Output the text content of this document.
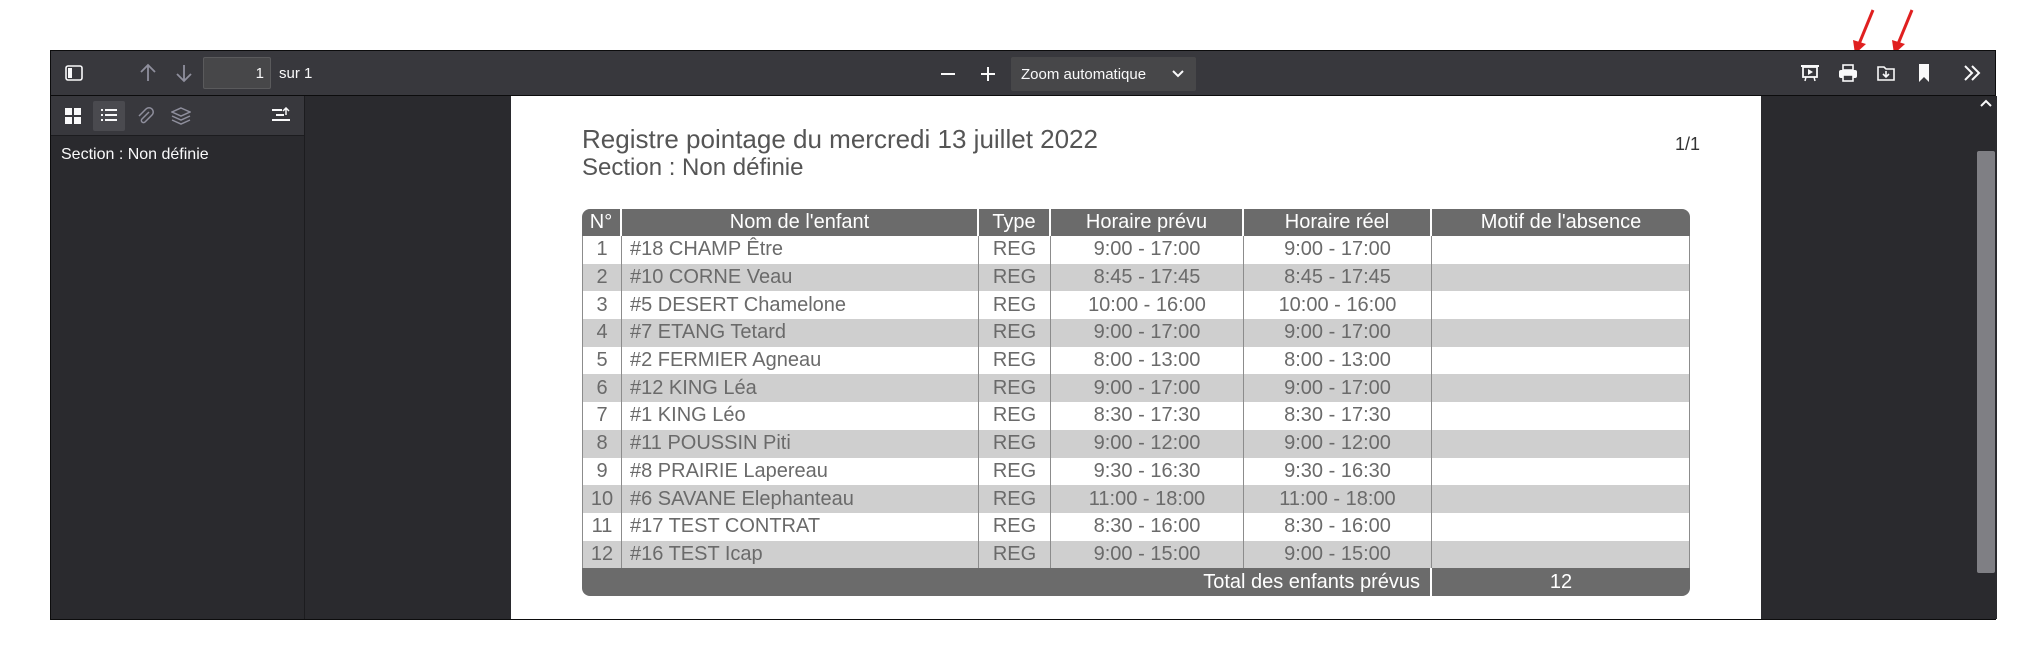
1
sur 1	Zoom automatique
Section : Non définie
Registre pointage du mercredi 13 juillet 2022
Section : Non définie
1/1
N°	Nom de l'enfant	Type	Horaire prévu	Horaire réel	Motif de l'absence
1	#18 CHAMP Être	REG	9:00 - 17:00	9:00 - 17:00	
2	#10 CORNE Veau	REG	8:45 - 17:45	8:45 - 17:45	
3	#5 DESERT Chamelone	REG	10:00 - 16:00	10:00 - 16:00	
4	#7 ETANG Tetard	REG	9:00 - 17:00	9:00 - 17:00	
5	#2 FERMIER Agneau	REG	8:00 - 13:00	8:00 - 13:00	
6	#12 KING Léa	REG	9:00 - 17:00	9:00 - 17:00	
7	#1 KING Léo	REG	8:30 - 17:30	8:30 - 17:30	
8	#11 POUSSIN Piti	REG	9:00 - 12:00	9:00 - 12:00	
9	#8 PRAIRIE Lapereau	REG	9:30 - 16:30	9:30 - 16:30	
10	#6 SAVANE Elephanteau	REG	11:00 - 18:00	11:00 - 18:00	
11	#17 TEST CONTRAT	REG	8:30 - 16:00	8:30 - 16:00	
12	#16 TEST Icap	REG	9:00 - 15:00	9:00 - 15:00	
Total des enfants prévus					12
